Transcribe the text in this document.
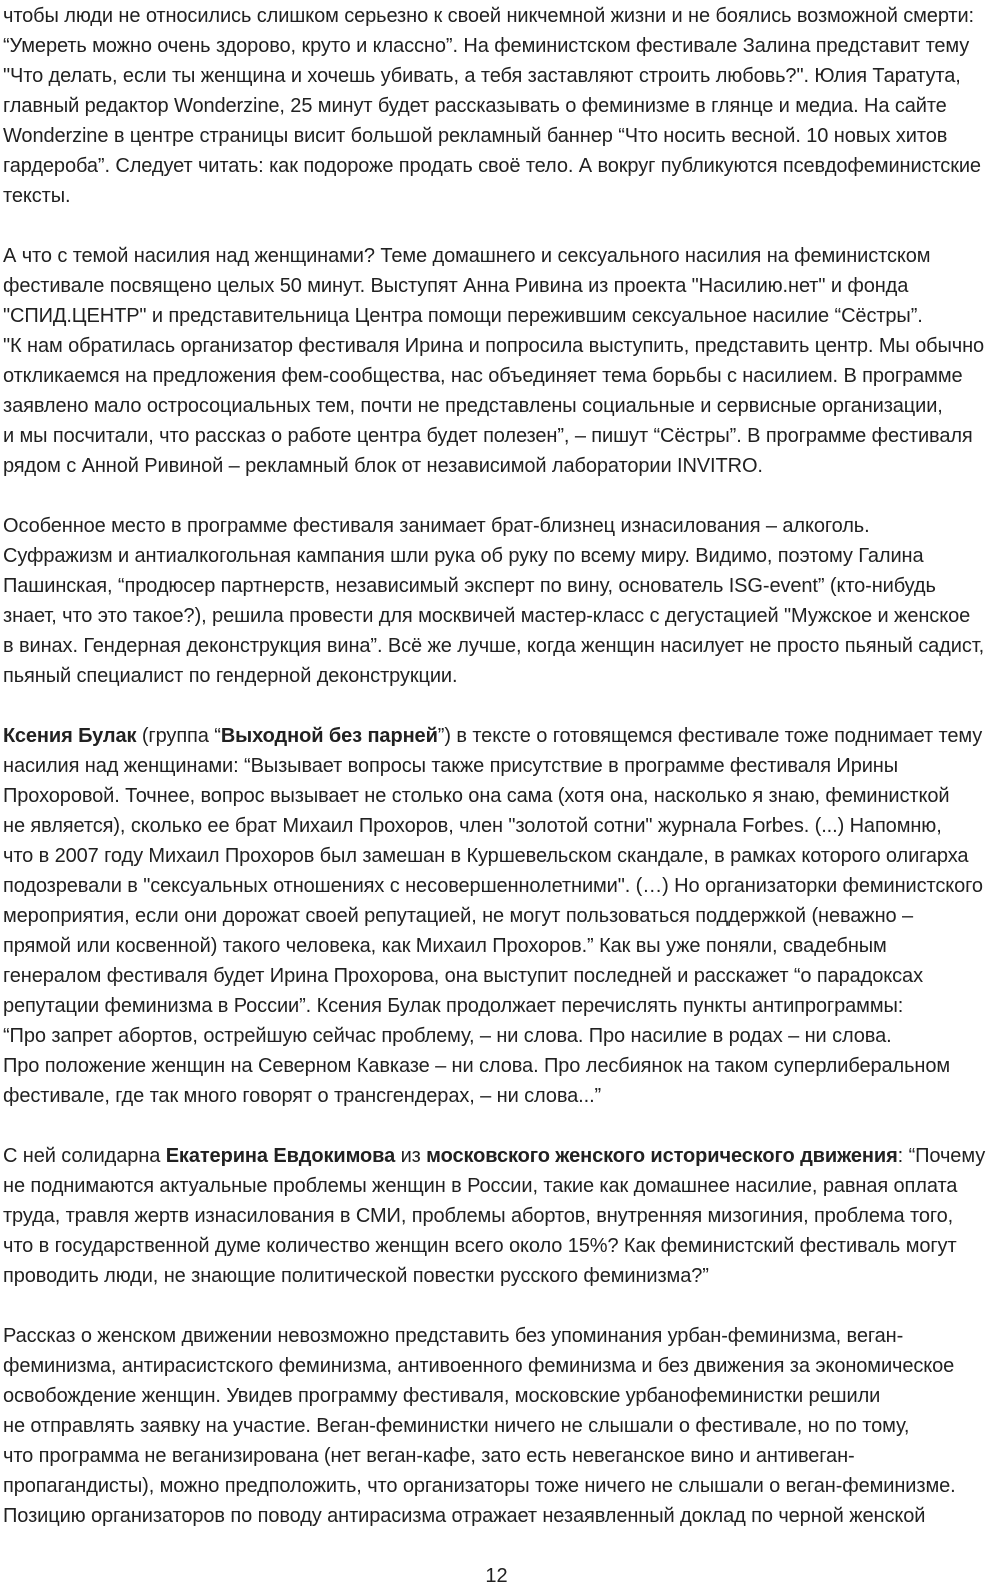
чтобы люди не относились слишком серьезно к своей никчемной жизни и не боялись возможной смерти:
“Умереть можно очень здорово, круто и классно”. На феминистском фестивале Залина представит тему
"Что делать, если ты женщина и хочешь убивать, а тебя заставляют строить любовь?". Юлия Таратута,
главный редактор Wonderzine, 25 минут будет рассказывать о феминизме в глянце и медиа. На сайте
Wonderzine в центре страницы висит большой рекламный баннер “Что носить весной. 10 новых хитов
гардероба”. Следует читать: как подороже продать своё тело. А вокруг публикуются псевдофеминистские
тексты.
А что с темой насилия над женщинами? Теме домашнего и сексуального насилия на феминистском
фестивале посвящено целых 50 минут. Выступят Анна Ривина из проекта "Насилию.нет" и фонда
"СПИД.ЦЕНТР" и представительница Центра помощи пережившим сексуальное насилие “Сёстры”.
"К нам обратилась организатор фестиваля Ирина и попросила выступить, представить центр. Мы обычно
откликаемся на предложения фем-сообщества, нас объединяет тема борьбы с насилием. В программе
заявлено мало остросоциальных тем, почти не представлены социальные и сервисные организации,
и мы посчитали, что рассказ о работе центра будет полезен”, – пишут “Сёстры”. В программе фестиваля
рядом с Анной Ривиной – рекламный блок от независимой лаборатории INVITRO.
Особенное место в программе фестиваля занимает брат-близнец изнасилования – алкоголь.
Суфражизм и антиалкогольная кампания шли рука об руку по всему миру. Видимо, поэтому Галина
Пашинская, “продюсер партнерств, независимый эксперт по вину, основатель ISG-event” (кто-нибудь
знает, что это такое?), решила провести для москвичей мастер-класс с дегустацией "Мужское и женское
в винах. Гендерная деконструкция вина”. Всё же лучше, когда женщин насилует не просто пьяный садист,
пьяный специалист по гендерной деконструкции.
Ксения Булак (группа “Выходной без парней”) в тексте о готовящемся фестивале тоже поднимает тему
насилия над женщинами: “Вызывает вопросы также присутствие в программе фестиваля Ирины
Прохоровой. Точнее, вопрос вызывает не столько она сама (хотя она, насколько я знаю, феминисткой
не является), сколько ее брат Михаил Прохоров, член "золотой сотни" журнала Forbes. (...) Напомню,
что в 2007 году Михаил Прохоров был замешан в Куршевельском скандале, в рамках которого олигарха
подозревали в "сексуальных отношениях с несовершеннолетними". (…) Но организаторки феминистского
мероприятия, если они дорожат своей репутацией, не могут пользоваться поддержкой (неважно –
прямой или косвенной) такого человека, как Михаил Прохоров.” Как вы уже поняли, свадебным
генералом фестиваля будет Ирина Прохорова, она выступит последней и расскажет “о парадоксах
репутации феминизма в России”. Ксения Булак продолжает перечислять пункты антипрограммы:
“Про запрет абортов, острейшую сейчас проблему, – ни слова. Про насилие в родах – ни слова.
Про положение женщин на Северном Кавказе – ни слова. Про лесбиянок на таком суперлиберальном
фестивале, где так много говорят о трансгендерах, – ни слова...”
С ней солидарна Екатерина Евдокимова из московского женского исторического движения: “Почему
не поднимаются актуальные проблемы женщин в России, такие как домашнее насилие, равная оплата
труда, травля жертв изнасилования в СМИ, проблемы абортов, внутренняя мизогиния, проблема того,
что в государственной думе количество женщин всего около 15%? Как феминистский фестиваль могут
проводить люди, не знающие политической повестки русского феминизма?”
Рассказ о женском движении невозможно представить без упоминания урбан-феминизма, веган-
феминизма, антирасистского феминизма, антивоенного феминизма и без движения за экономическое
освобождение женщин. Увидев программу фестиваля, московские урбанофеминистки решили
не отправлять заявку на участие. Веган-феминистки ничего не слышали о фестивале, но по тому,
что программа не веганизирована (нет веган-кафе, зато есть невеганское вино и антивеган-
пропагандисты), можно предположить, что организаторы тоже ничего не слышали о веган-феминизме.
Позицию организаторов по поводу антирасизма отражает незаявленный доклад по черной женской
12
